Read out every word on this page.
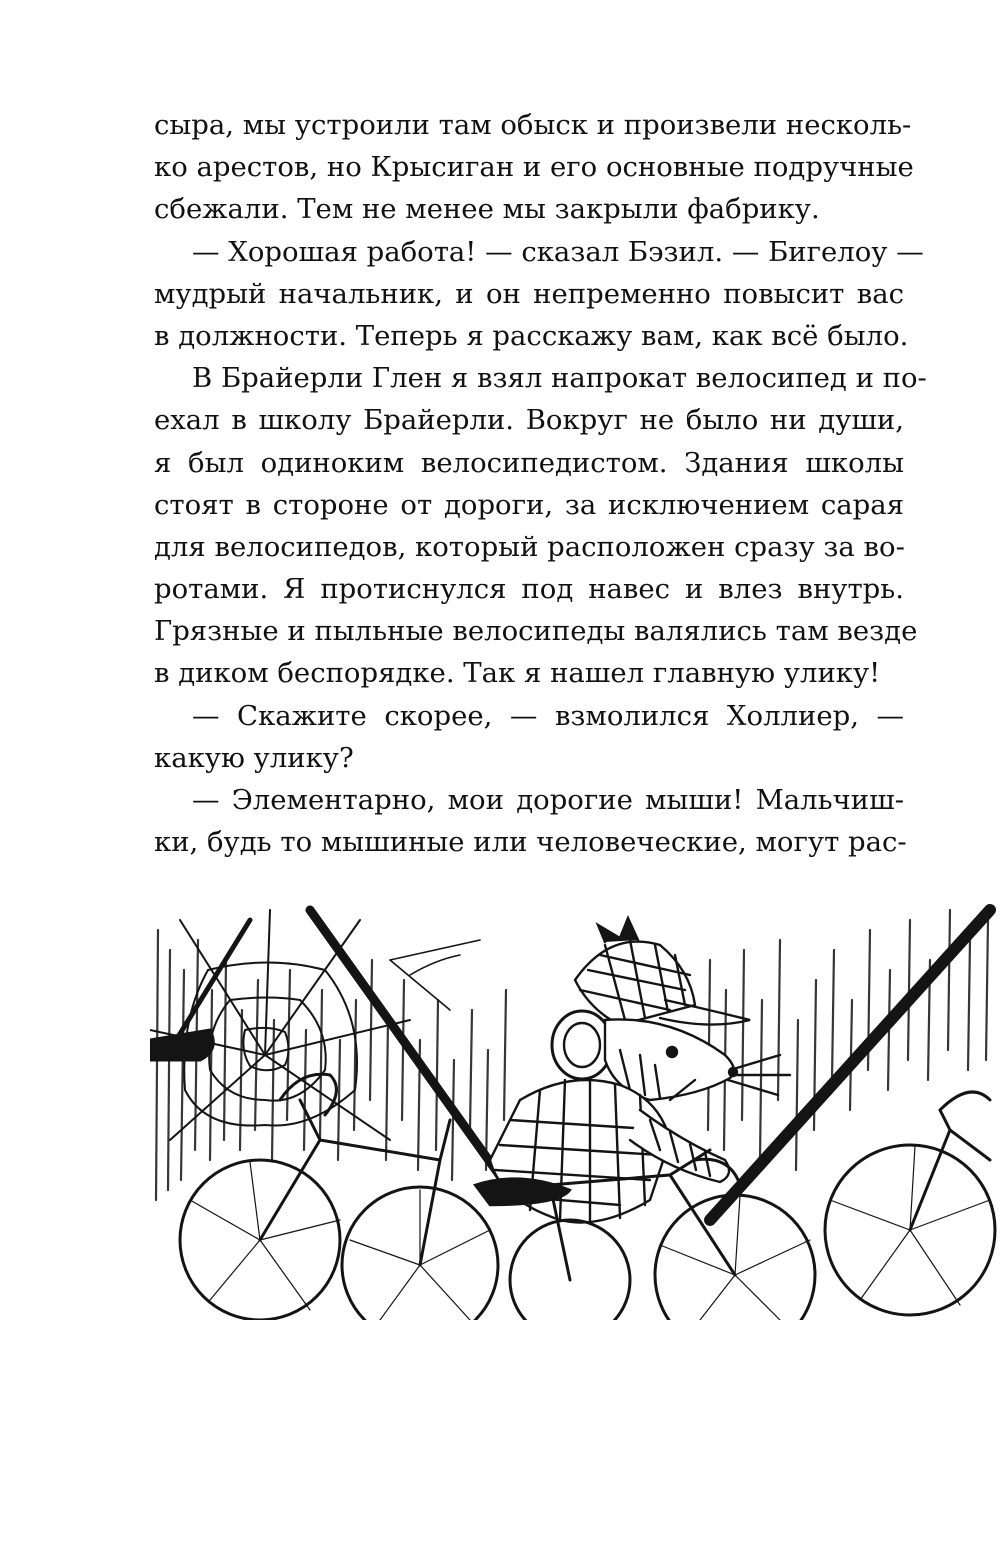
сыра, мы устроили там обыск и произвели несколь-
ко арестов, но Крысиган и его основные подручные
сбежали. Тем не менее мы закрыли фабрику.
— Хорошая работа! — сказал Бэзил. — Бигелоу —
мудрый начальник, и он непременно повысит вас
в должности. Теперь я расскажу вам, как всё было.
В Брайерли Глен я взял напрокат велосипед и по-
ехал в школу Брайерли. Вокруг не было ни души,
я был одиноким велосипедистом. Здания школы
стоят в стороне от дороги, за исключением сарая
для велосипедов, который расположен сразу за во-
ротами. Я протиснулся под навес и влез внутрь.
Грязные и пыльные велосипеды валялись там везде
в диком беспорядке. Так я нашел главную улику!
— Скажите скорее, — взмолился Холлиер, —
какую улику?
— Элементарно, мои дорогие мыши! Мальчиш-
ки, будь то мышиные или человеческие, могут рас-
